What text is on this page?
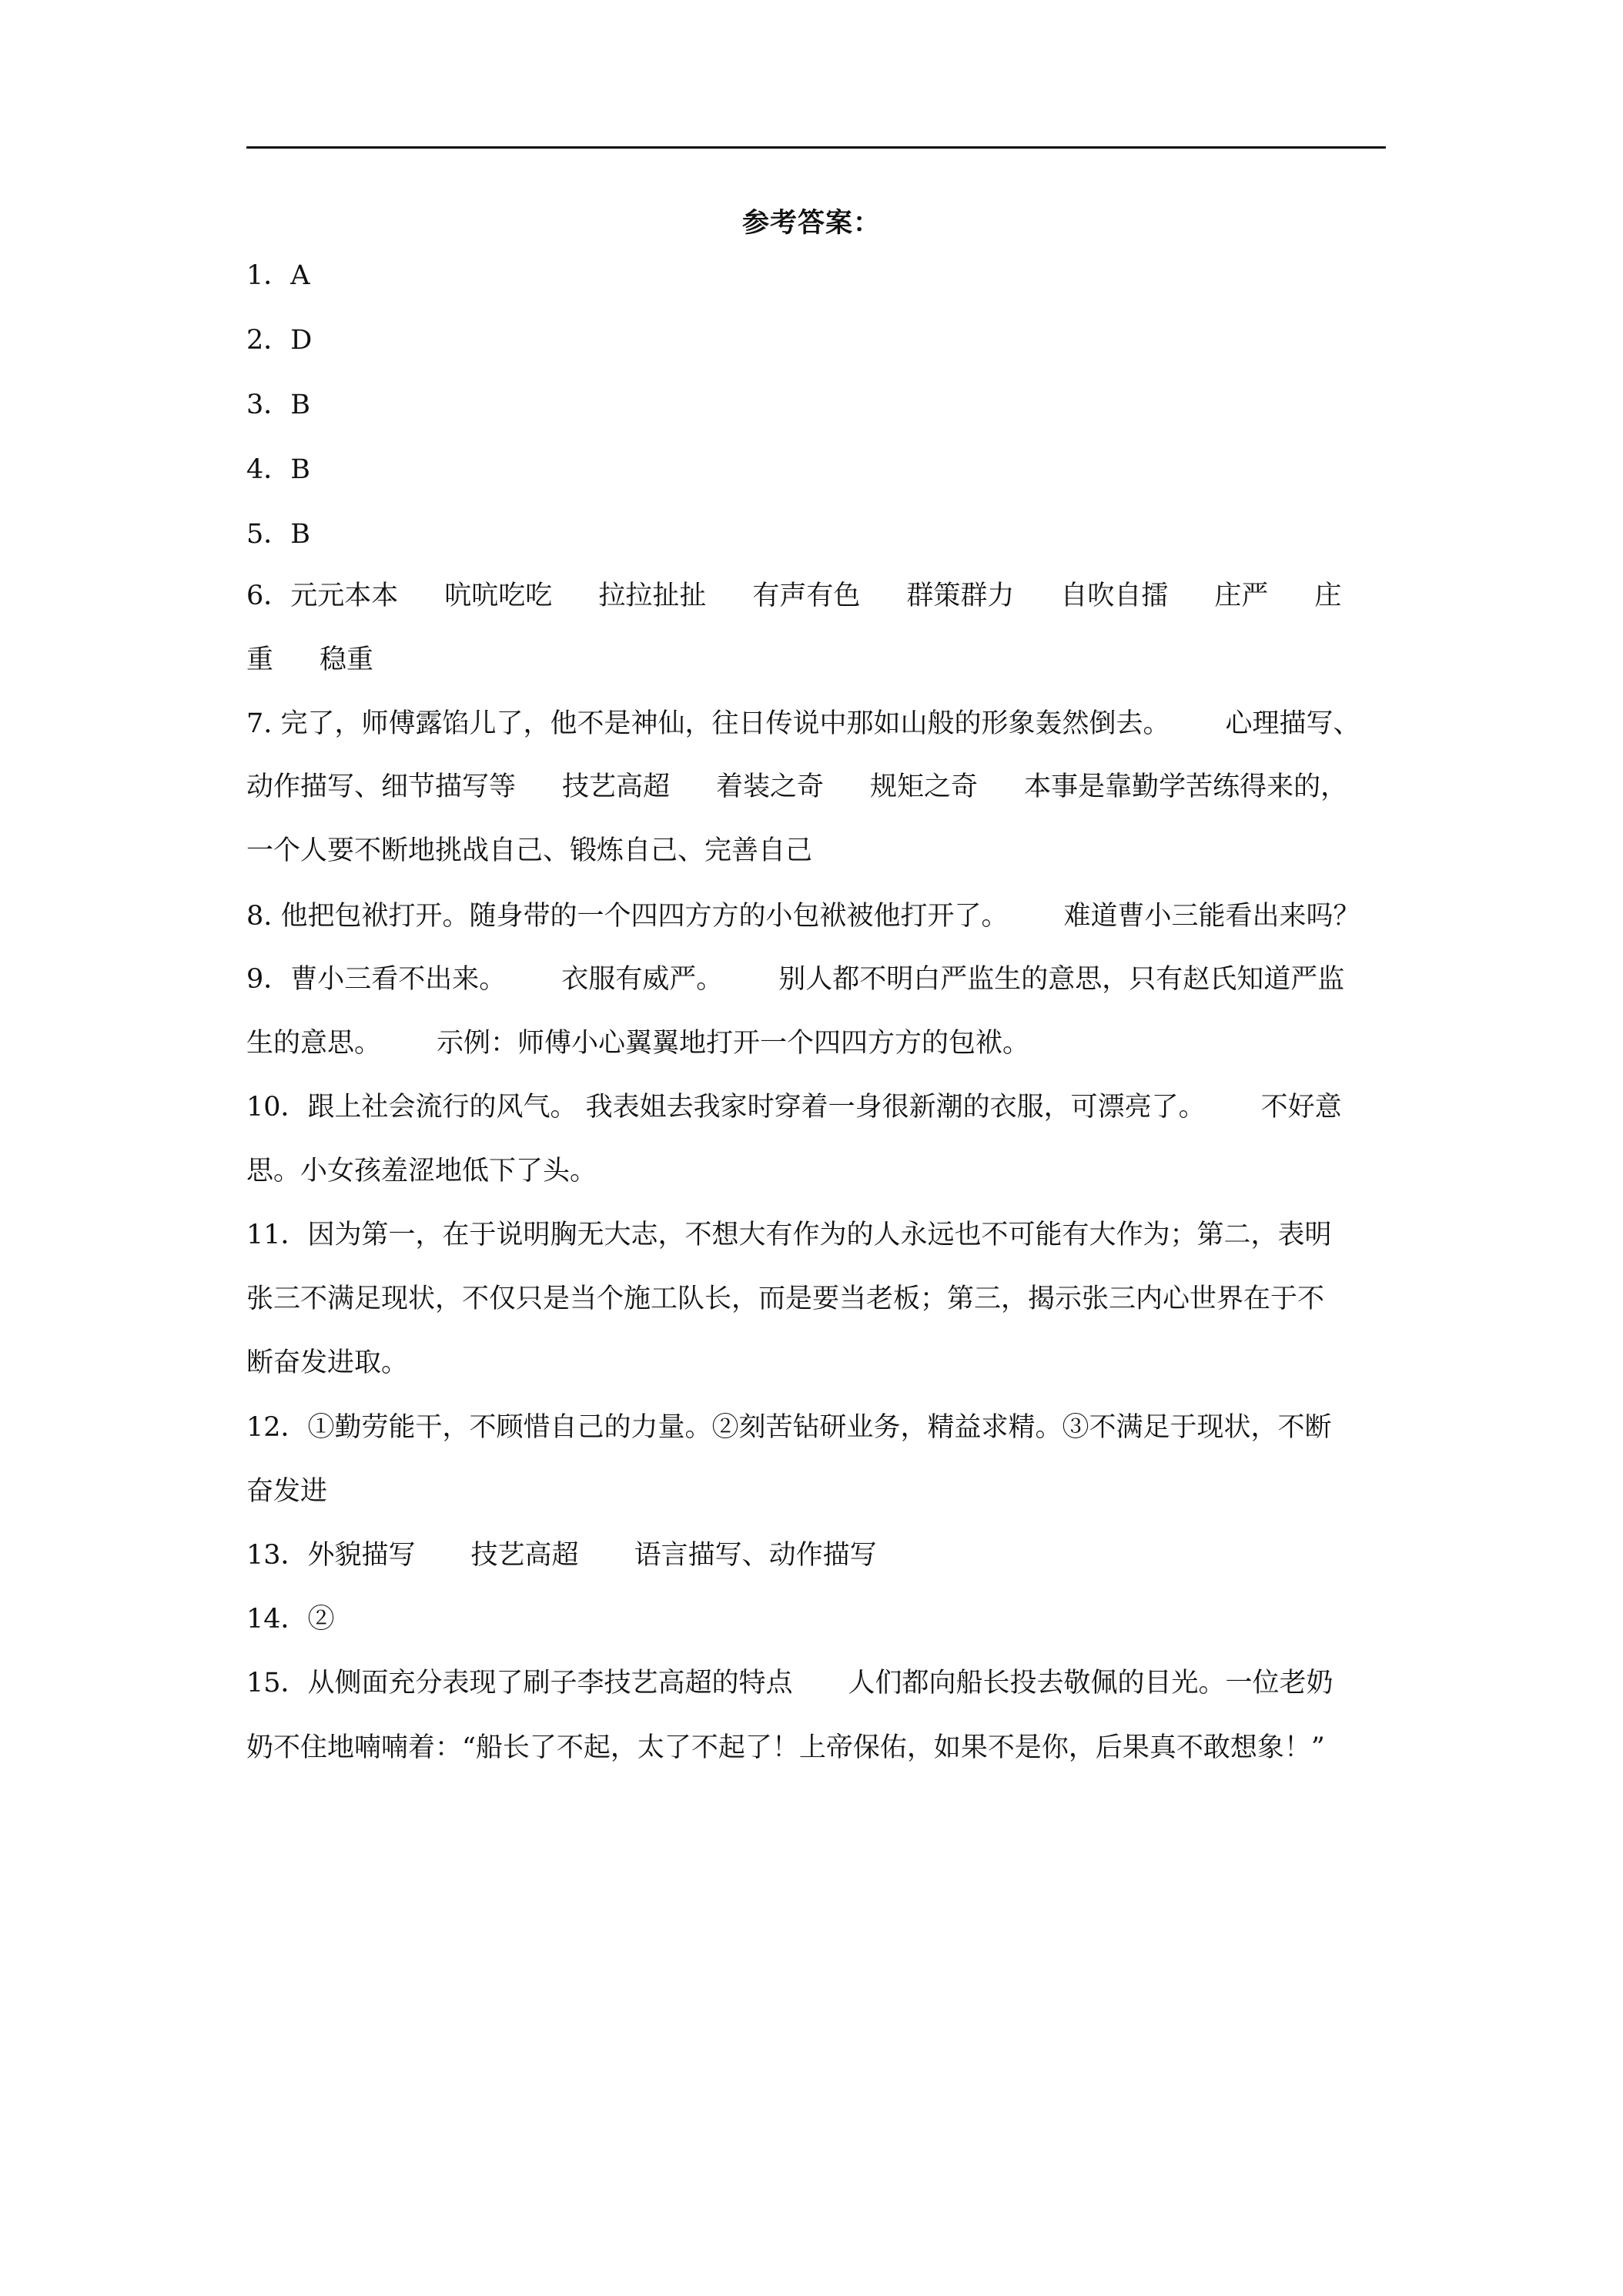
参考答案：
1．A
2．D
3．B
4．B
5．B
6．元元本本 吭吭吃吃 拉拉扯扯 有声有色 群策群力 自吹自擂 庄严 庄
重 稳重
7. 完了，师傅露馅儿了，他不是神仙，往日传说中那如山般的形象轰然倒去。 心理描写、
动作描写、细节描写等 技艺高超 着装之奇 规矩之奇 本事是靠勤学苦练得来的，
一个人要不断地挑战自己、锻炼自己、完善自己
8. 他把包袱打开。随身带的一个四四方方的小包袱被他打开了。 难道曹小三能看出来吗？
9．曹小三看不出来。 衣服有威严。 别人都不明白严监生的意思，只有赵氏知道严监
生的意思。 示例：师傅小心翼翼地打开一个四四方方的包袱。
10．跟上社会流行的风气。 我表姐去我家时穿着一身很新潮的衣服，可漂亮了。 不好意
思。小女孩羞涩地低下了头。
11．因为第一，在于说明胸无大志，不想大有作为的人永远也不可能有大作为；第二，表明
张三不满足现状，不仅只是当个施工队长，而是要当老板；第三，揭示张三内心世界在于不
断奋发进取。
12．①勤劳能干，不顾惜自己的力量。②刻苦钻研业务，精益求精。③不满足于现状，不断
奋发进
13．外貌描写 技艺高超 语言描写、动作描写
14．②
15．从侧面充分表现了刷子李技艺高超的特点 人们都向船长投去敬佩的目光。一位老奶
奶不住地喃喃着：“船长了不起，太了不起了！上帝保佑，如果不是你，后果真不敢想象！”
